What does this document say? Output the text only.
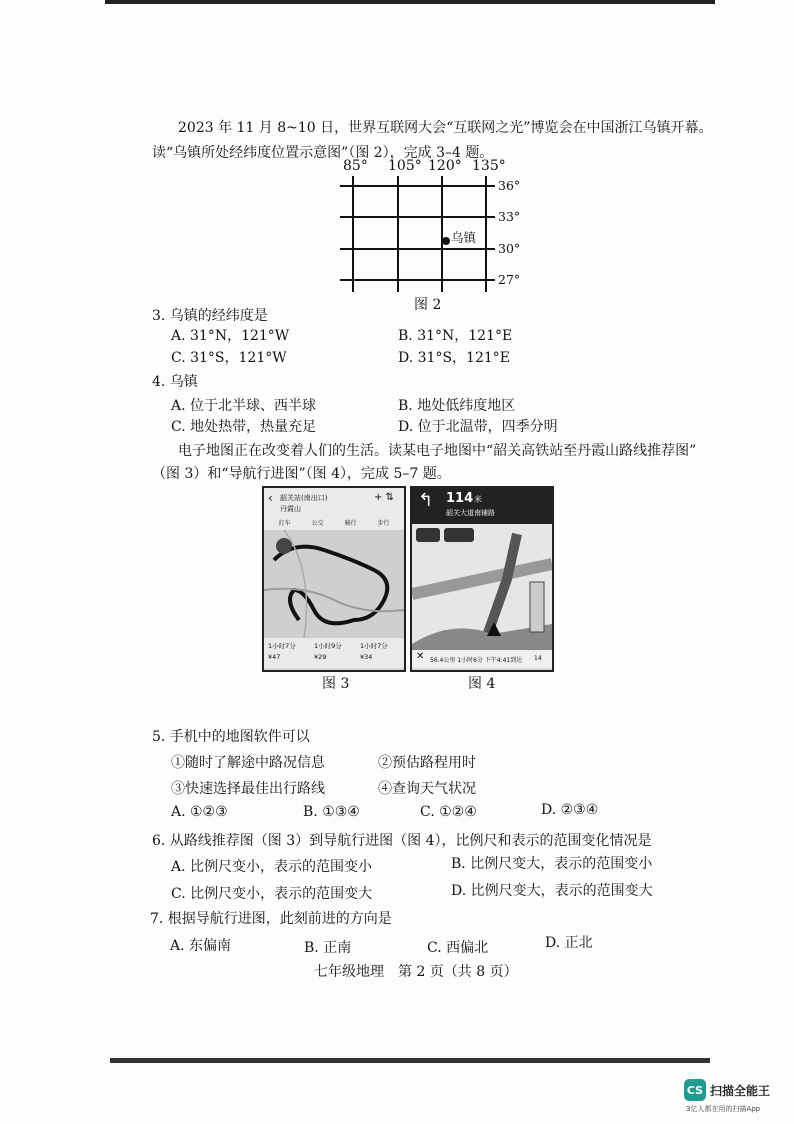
2023 年 11 月 8~10 日，世界互联网大会“互联网之光”博览会在中国浙江乌镇开幕。
读“乌镇所处经纬度位置示意图”（图 2），完成 3–4 题。
85° 105° 120° 135°
36°
33°
30°
27°
乌镇
图 2
3. 乌镇的经纬度是
A. 31°N，121°W	B. 31°N，121°E
C. 31°S，121°W	D. 31°S，121°E
4. 乌镇
A. 位于北半球、西半球	B. 地处低纬度地区
C. 地处热带，热量充足	D. 位于北温带，四季分明
电子地图正在改变着人们的生活。读某电子地图中“韶关高铁站至丹霞山路线推荐图”
（图 3）和“导航行进图”（图 4），完成 5–7 题。
‹ 韶关站(南出口)
丹霞山
+ ⇅
打车	公交	骑行	步行
1小时7分	1小时9分	1小时7分
¥47	¥29	¥34
图 3
↰ 114 米
韶关大道南辅路
✕ 56.4公里 1小时6分 下午4:41到达 14
图 4
5. 手机中的地图软件可以
①随时了解途中路况信息	②预估路程用时
③快速选择最佳出行路线	④查询天气状况
A. ①②③	B. ①③④	C. ①②④	D. ②③④
6. 从路线推荐图（图 3）到导航行进图（图 4），比例尺和表示的范围变化情况是
A. 比例尺变小，表示的范围变小	B. 比例尺变大，表示的范围变小
C. 比例尺变小，表示的范围变大	D. 比例尺变大，表示的范围变大
7. 根据导航行进图，此刻前进的方向是
A. 东偏南	B. 正南	C. 西偏北	D. 正北
七年级地理　第 2 页（共 8 页）
CS 扫描全能王
3亿人都在用的扫描App
